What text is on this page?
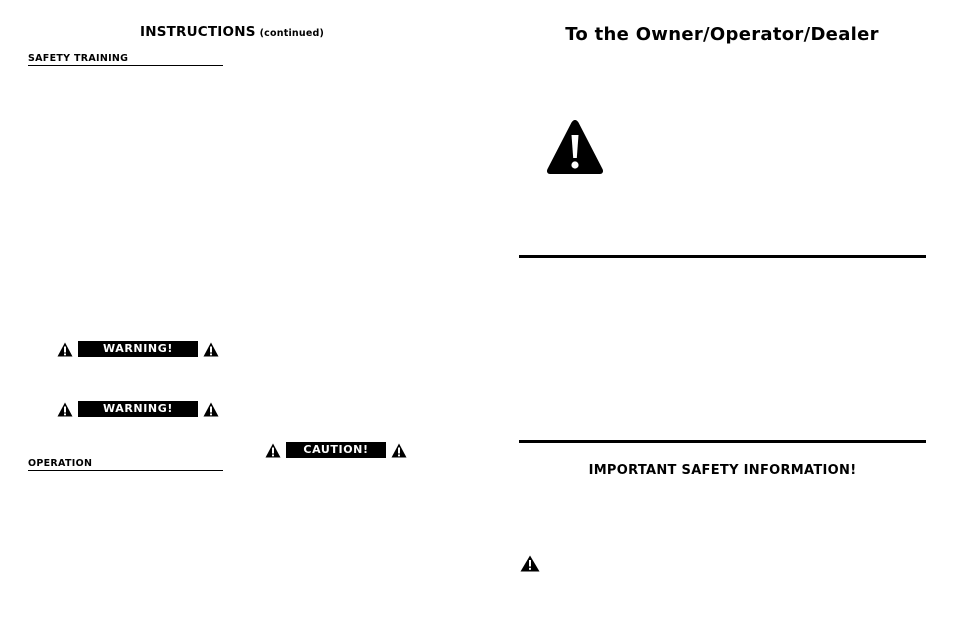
INSTRUCTIONS (continued)
SAFETY TRAINING
WARNING!
WARNING!
CAUTION!
OPERATION
To the Owner/Operator/Dealer
IMPORTANT SAFETY INFORMATION!
